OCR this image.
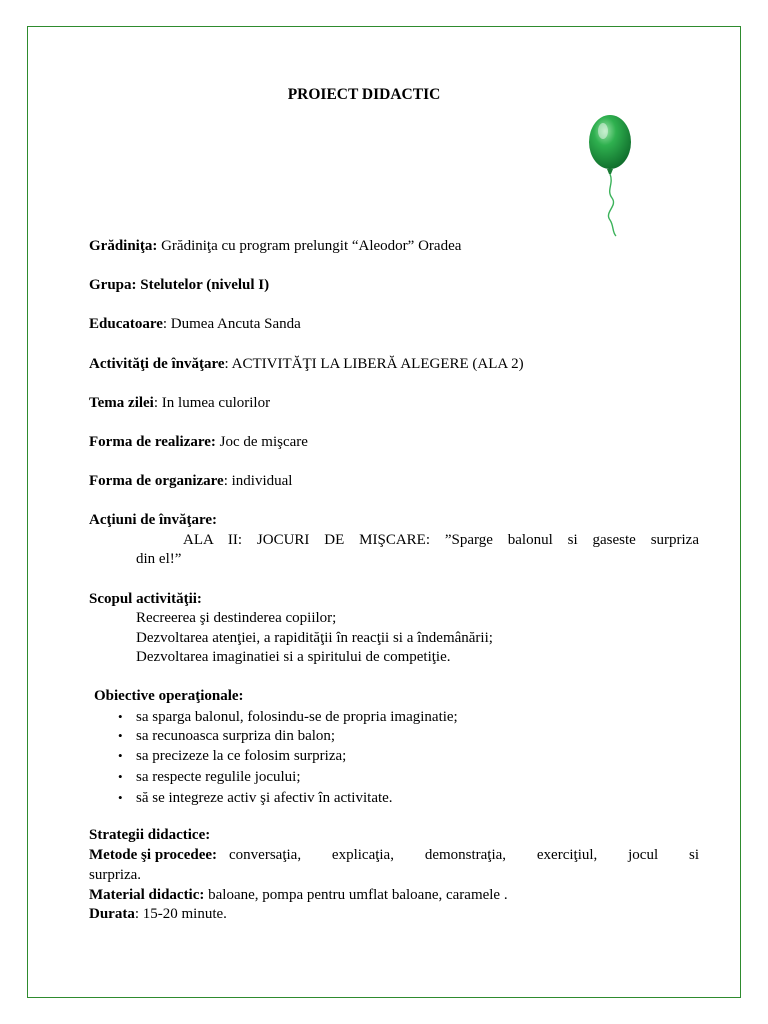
PROIECT DIDACTIC
Grădiniţa: Grădiniţa cu program prelungit “Aleodor” Oradea
Grupa: Stelutelor (nivelul I)
Educatoare: Dumea Ancuta Sanda
Activităţi de învăţare: ACTIVITĂŢI LA LIBERĂ ALEGERE (ALA 2)
Tema zilei: In lumea culorilor
Forma de realizare: Joc de mişcare
Forma de organizare: individual
Acţiuni de învăţare:
ALA II: JOCURI DE MIŞCARE: ”Sparge balonul si gaseste surpriza
din el!”
Scopul activităţii:
Recreerea şi destinderea copiilor;
Dezvoltarea atenţiei, a rapidităţii în reacţii si a îndemânării;
Dezvoltarea imaginatiei si a spiritului de competiţie.
Obiective operaţionale:
• sa sparga balonul, folosindu-se de propria imaginatie;
• sa recunoasca surpriza din balon;
• sa precizeze la ce folosim surpriza;
• sa respecte regulile jocului;
• să se integreze activ şi afectiv în activitate.
Strategii didactice:
Metode şi procedee: conversaţia, explicaţia, demonstraţia, exerciţiul, jocul si
surpriza.
Material didactic: baloane, pompa pentru umflat baloane, caramele .
Durata: 15-20 minute.
